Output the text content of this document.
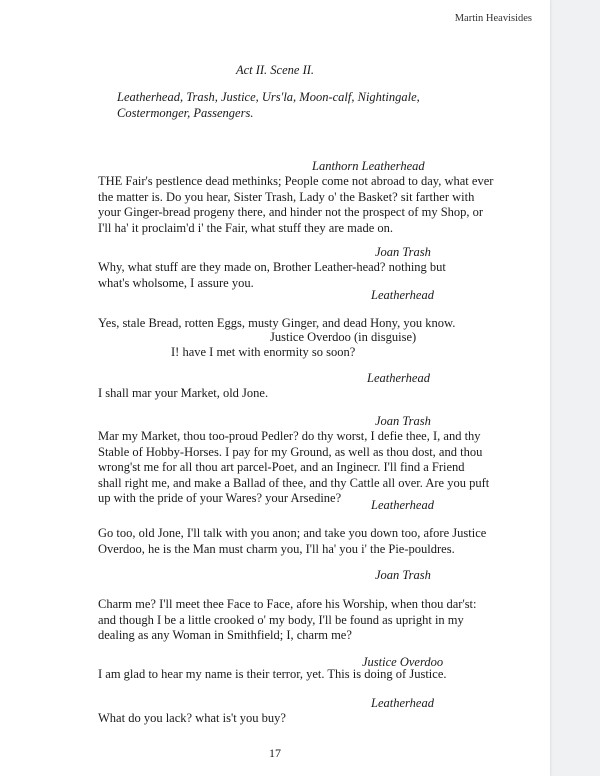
Martin Heavisides
Act II. Scene II.
Leatherhead, Trash, Justice, Urs'la, Moon-calf, Nightingale, Costermonger, Passengers.
Lanthorn Leatherhead
THE Fair's pestlence dead methinks; People come not abroad to day, what ever the matter is. Do you hear, Sister Trash, Lady o' the Basket? sit farther with your Ginger-bread progeny there, and hinder not the prospect of my Shop, or I'll ha' it proclaim'd i' the Fair, what stuff they are made on.
Joan Trash
Why, what stuff are they made on, Brother Leather-head? nothing but what's wholsome, I assure you.
Leatherhead
Yes, stale Bread, rotten Eggs, musty Ginger, and dead Hony, you know.
Justice Overdoo (in disguise)
I! have I met with enormity so soon?
Leatherhead
I shall mar your Market, old Jone.
Joan Trash
Mar my Market, thou too-proud Pedler? do thy worst, I defie thee, I, and thy Stable of Hobby-Horses. I pay for my Ground, as well as thou dost, and thou wrong'st me for all thou art parcel-Poet, and an Inginecr. I'll find a Friend shall right me, and make a Ballad of thee, and thy Cattle all over. Are you puft up with the pride of your Wares? your Arsedine?	Leatherhead
Go too, old Jone, I'll talk with you anon; and take you down too, afore Justice Overdoo, he is the Man must charm you, I'll ha' you i' the Pie-pouldres.
Joan Trash
Charm me? I'll meet thee Face to Face, afore his Worship, when thou dar'st: and though I be a little crooked o' my body, I'll be found as upright in my dealing as any Woman in Smithfield; I, charm me?
Justice Overdoo
I am glad to hear my name is their terror, yet. This is doing of Justice.
Leatherhead
What do you lack? what is't you buy?
17
